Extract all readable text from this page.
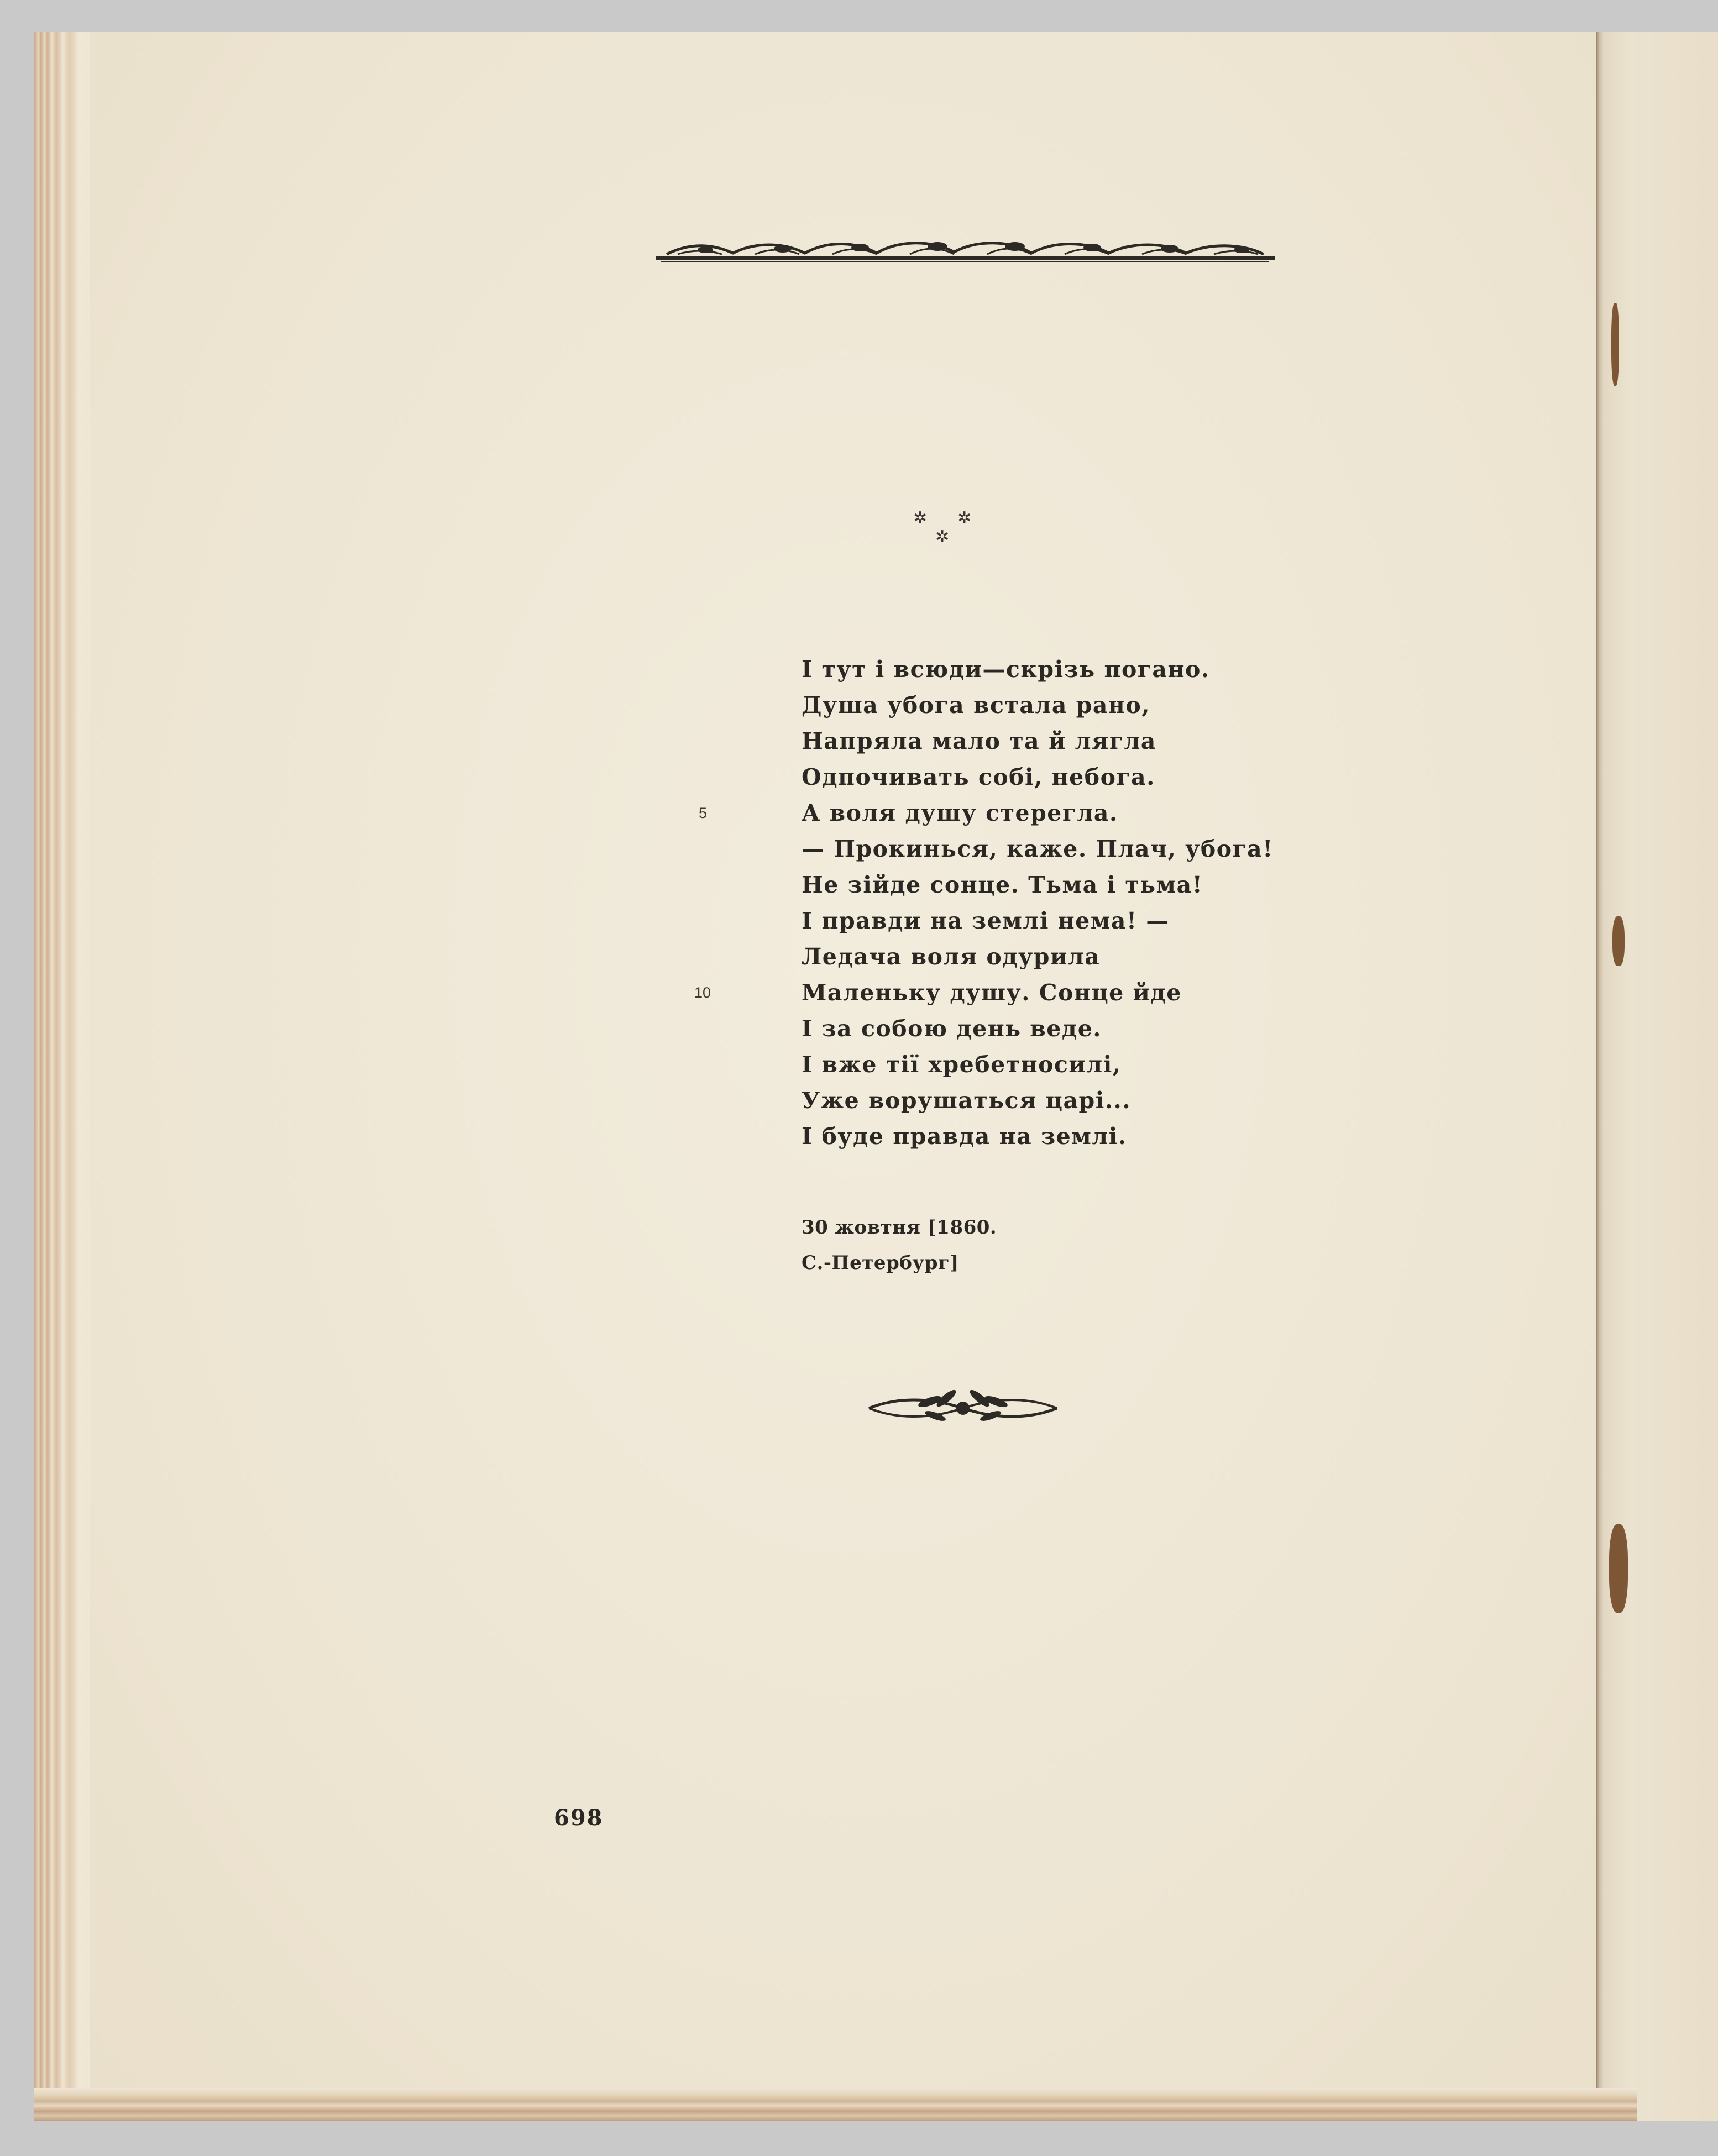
✲ ✲
✲
І тут і всюди—скрізь погано.
Душа убога встала рано,
Напряла мало та й лягла
Одпочивать собі, небога.
А воля душу стерегла.
— Прокинься, каже. Плач, убога!
Не зійде сонце. Тьма і тьма!
І правди на землі нема! —
Ледача воля одурила
Маленьку душу. Сонце йде
І за собою день веде.
І вже тії хребетносилі,
Уже ворушаться царі...
І буде правда на землі.
5
10
30 жовтня [1860.
С.-Петербург]
698
